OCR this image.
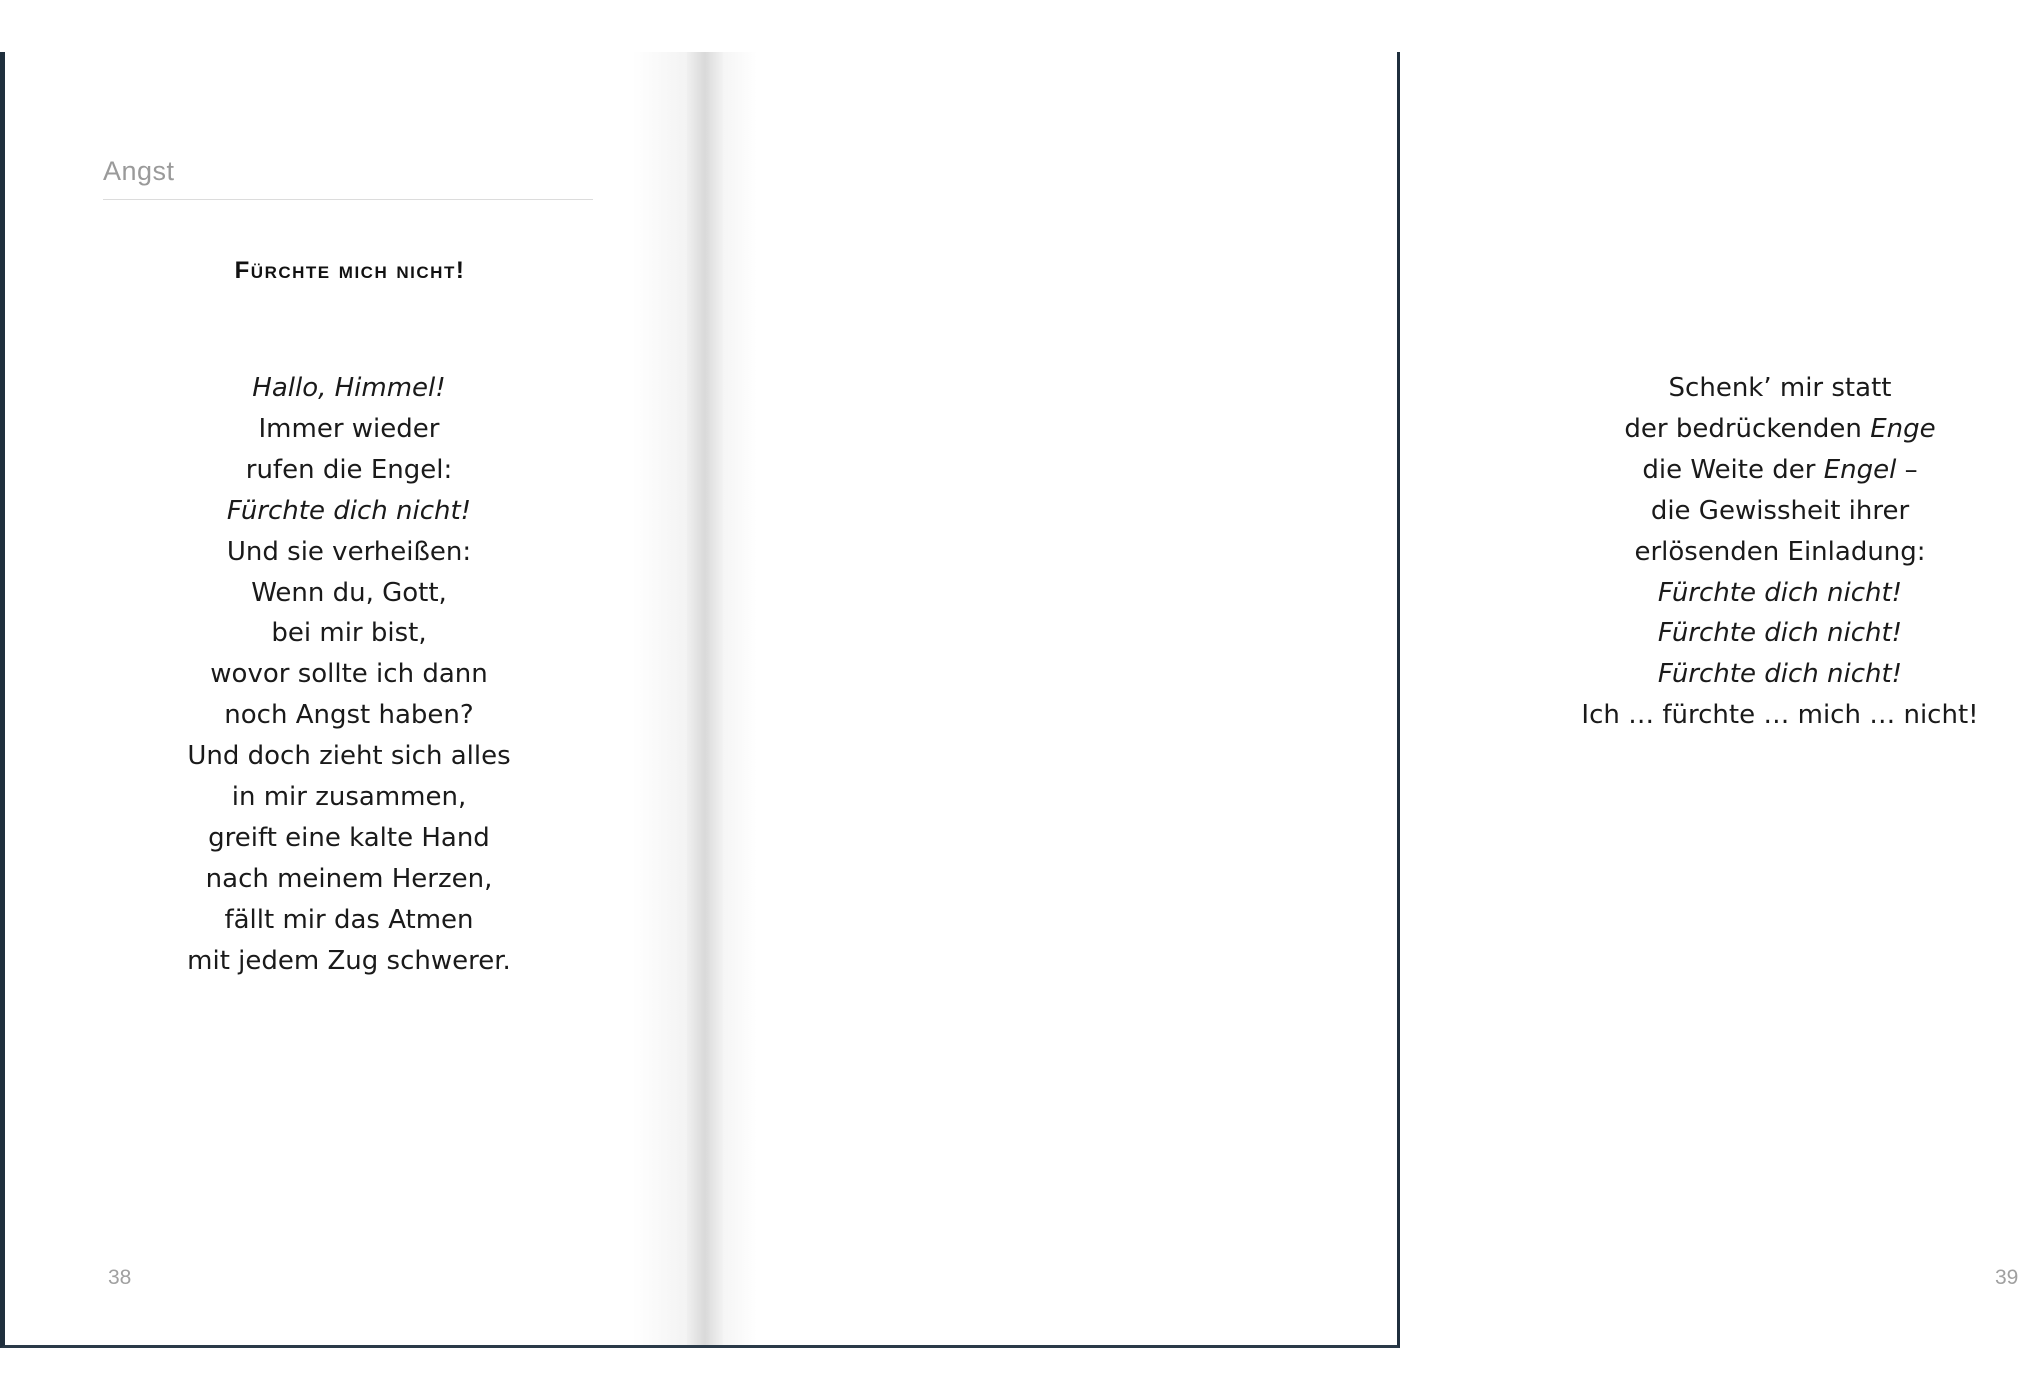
Angst
Fürchte mich nicht!
Hallo, Himmel!
Immer wieder
rufen die Engel:
Fürchte dich nicht!
Und sie verheißen:
Wenn du, Gott,
bei mir bist,
wovor sollte ich dann
noch Angst haben?
Und doch zieht sich alles
in mir zusammen,
greift eine kalte Hand
nach meinem Herzen,
fällt mir das Atmen
mit jedem Zug schwerer.
38
Schenk’ mir statt
der bedrückenden Enge
die Weite der Engel –
die Gewissheit ihrer
erlösenden Einladung:
Fürchte dich nicht!
Fürchte dich nicht!
Fürchte dich nicht!
Ich … fürchte … mich … nicht!
39
